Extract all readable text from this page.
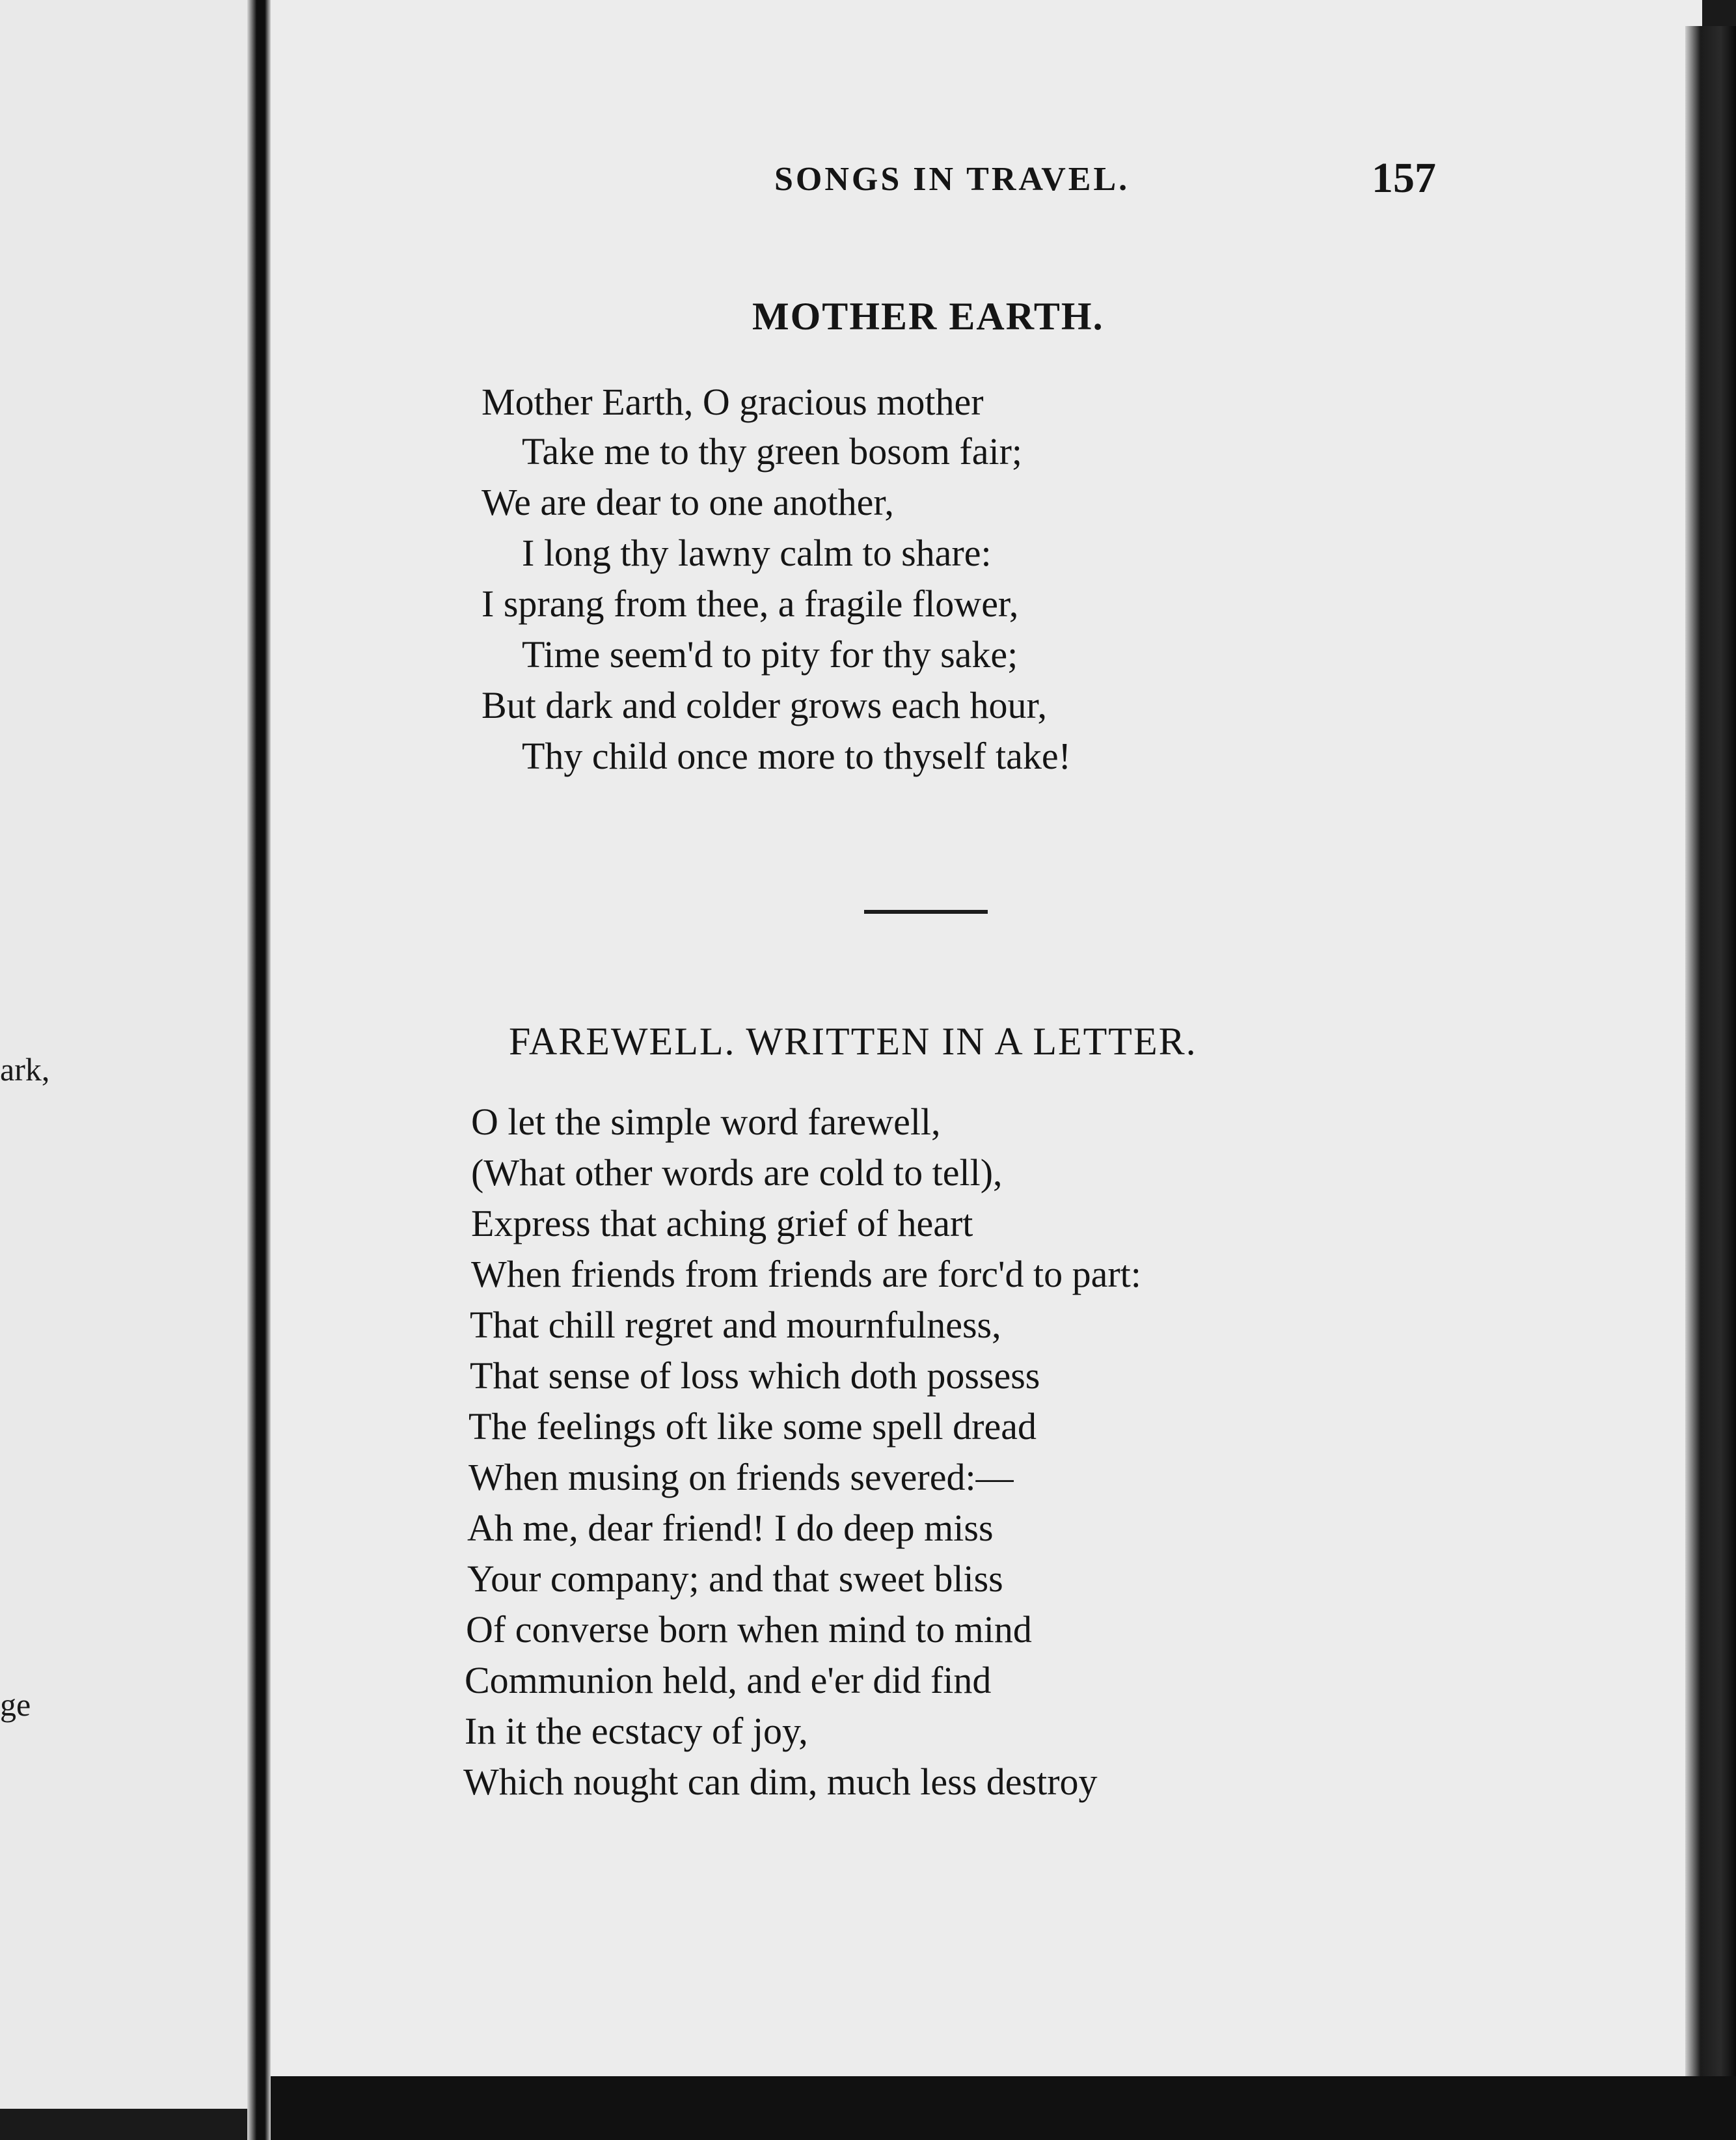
ark,
ge
SONGS IN TRAVEL.	157
MOTHER EARTH.
Mother Earth, O gracious mother
Take me to thy green bosom fair;
We are dear to one another,
I long thy lawny calm to share:
I sprang from thee, a fragile flower,
Time seem'd to pity for thy sake;
But dark and colder grows each hour,
Thy child once more to thyself take!
FAREWELL. WRITTEN IN A LETTER.
O let the simple word farewell,
(What other words are cold to tell),
Express that aching grief of heart
When friends from friends are forc'd to part:
That chill regret and mournfulness,
That sense of loss which doth possess
The feelings oft like some spell dread
When musing on friends severed:—
Ah me, dear friend! I do deep miss
Your company; and that sweet bliss
Of converse born when mind to mind
Communion held, and e'er did find
In it the ecstacy of joy,
Which nought can dim, much less destroy
